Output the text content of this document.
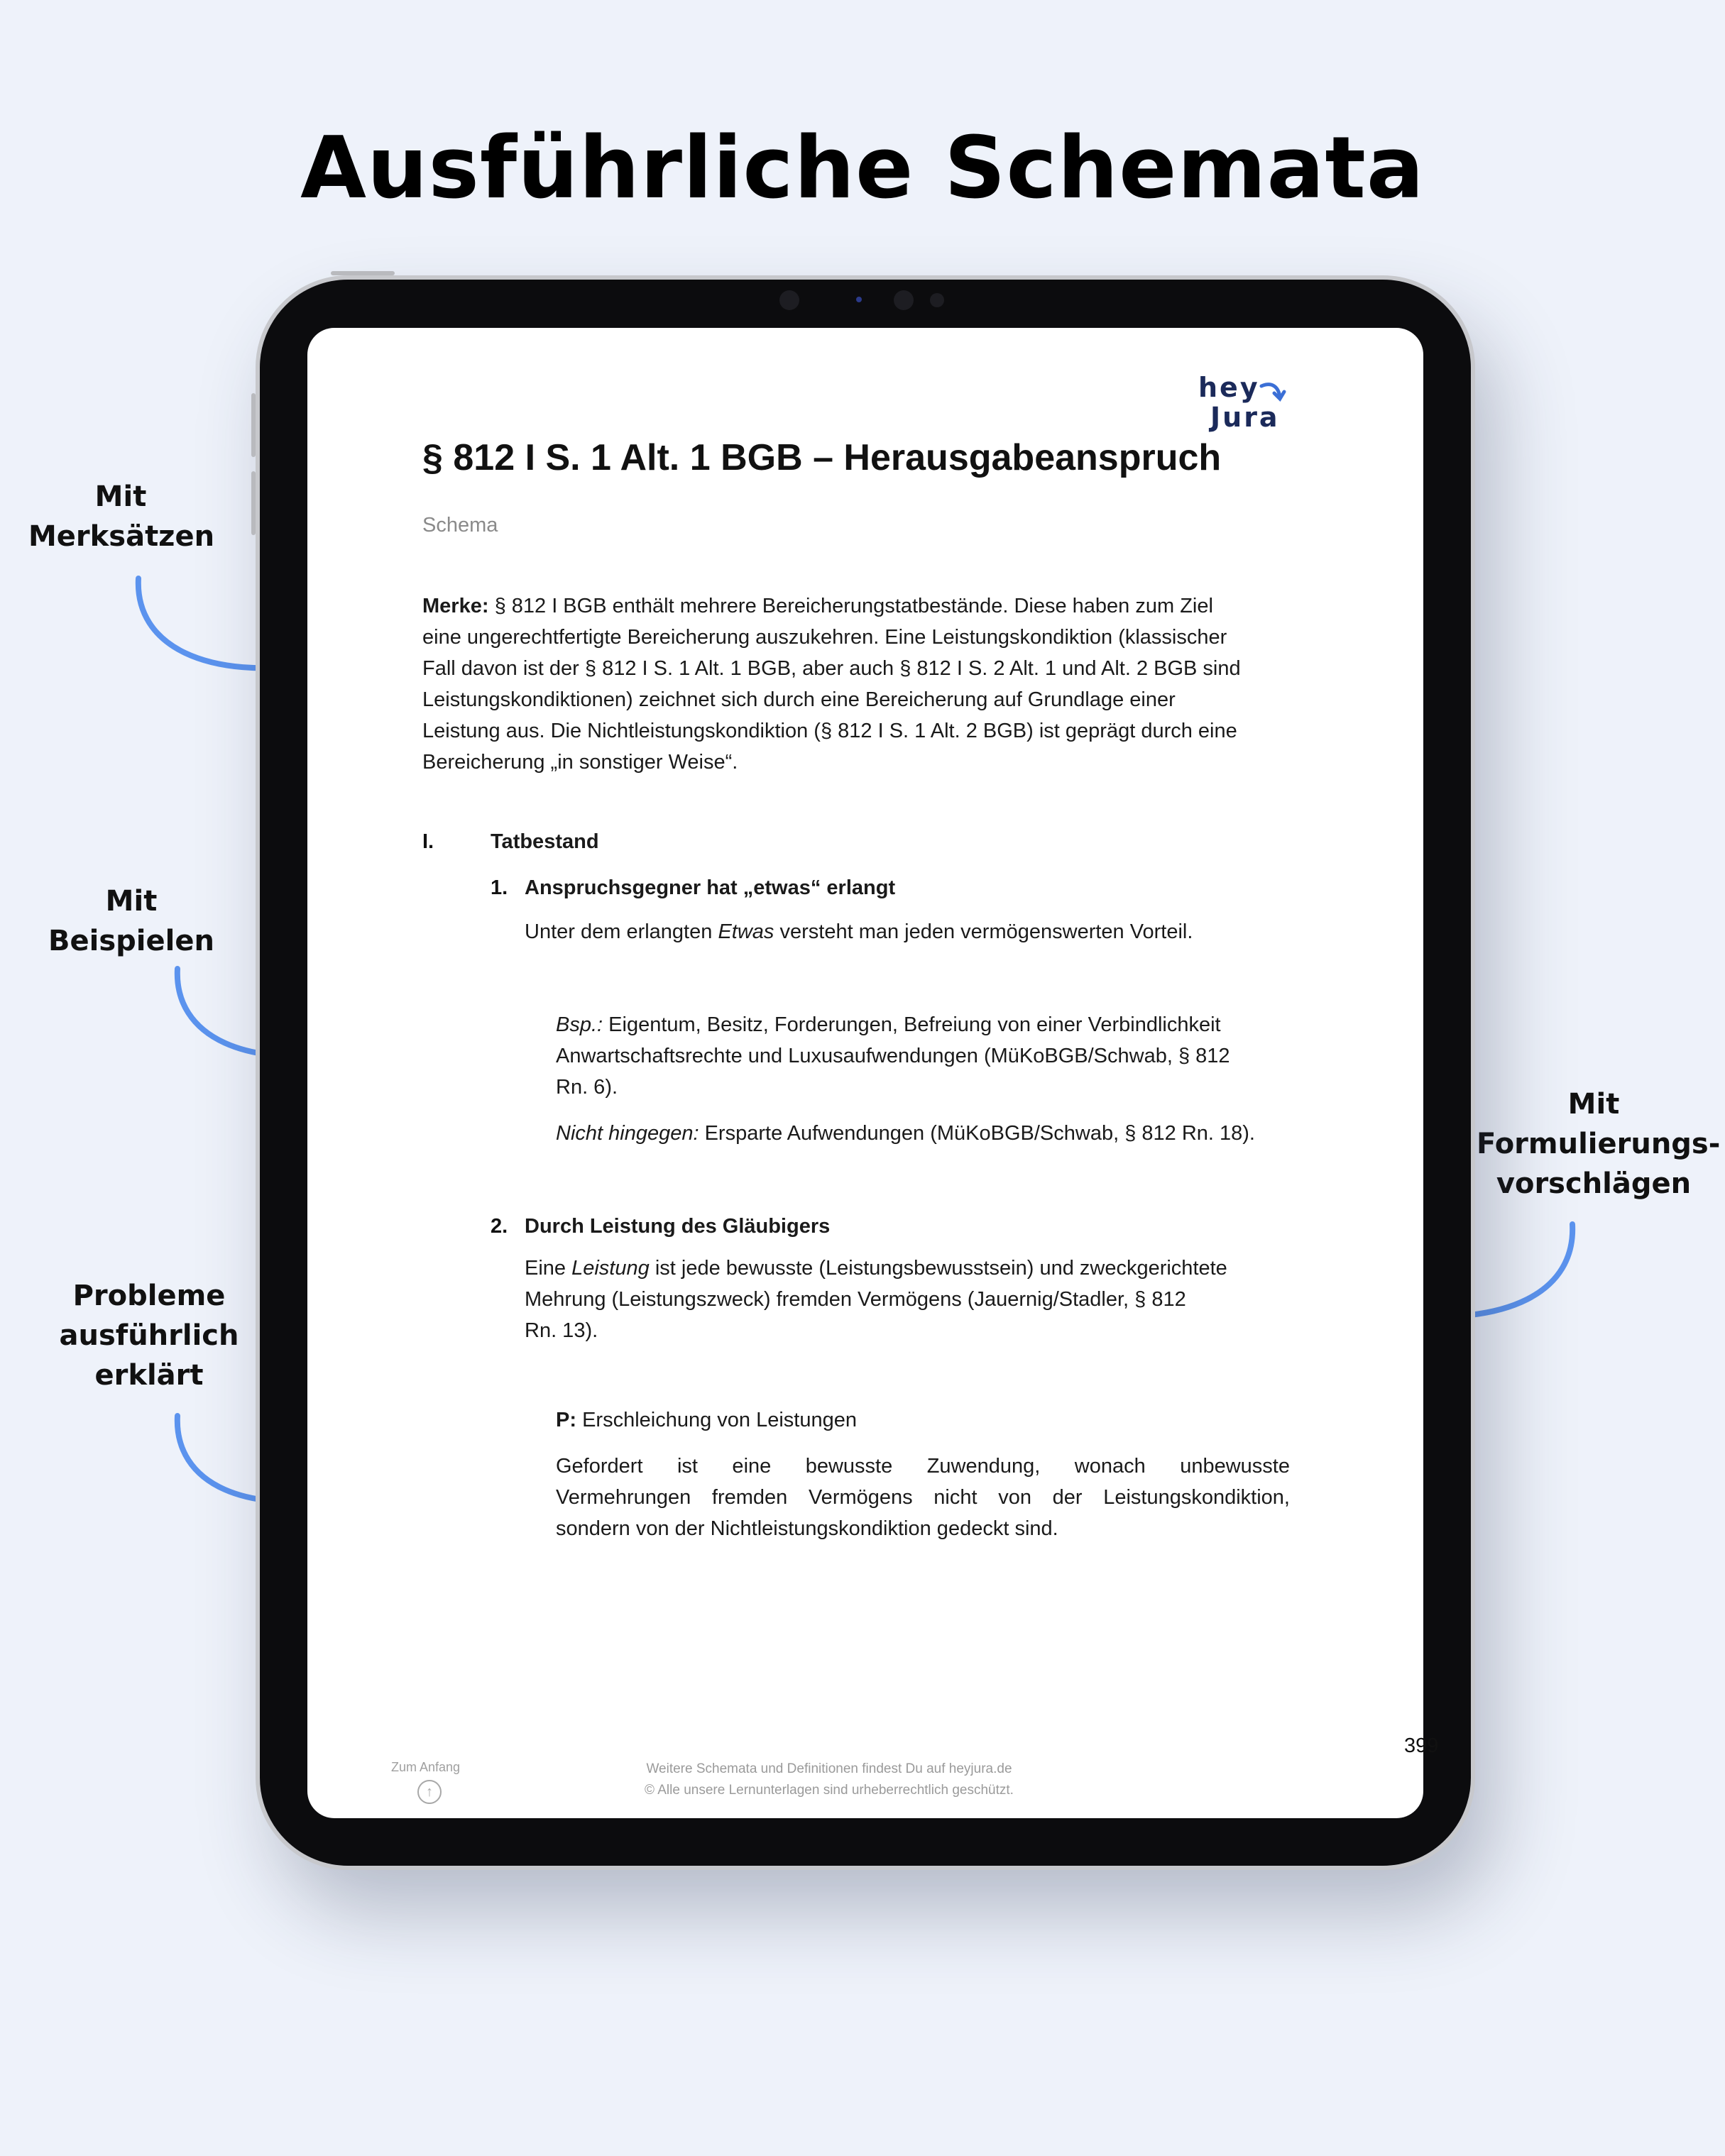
Ausführliche Schemata
Mit
Merksätzen
Mit
Beispielen
Probleme
ausführlich
erklärt
Mit
Formulierungs-
vorschlägen
hey
Jura
§ 812 I S. 1 Alt. 1 BGB – Herausgabeanspruch
Schema
Merke: § 812 I BGB enthält mehrere Bereicherungstatbestände. Diese haben zum Ziel
eine ungerechtfertigte Bereicherung auszukehren. Eine Leistungskondiktion (klassischer
Fall davon ist der § 812 I S. 1 Alt. 1 BGB, aber auch § 812 I S. 2 Alt. 1 und Alt. 2 BGB sind
Leistungskondiktionen) zeichnet sich durch eine Bereicherung auf Grundlage einer
Leistung aus. Die Nichtleistungskondiktion (§ 812 I S. 1 Alt. 2 BGB) ist geprägt durch eine
Bereicherung „in sonstiger Weise“.
I.	Tatbestand
1. Anspruchsgegner hat „etwas“ erlangt
Unter dem erlangten Etwas versteht man jeden vermögenswerten Vorteil.
Bsp.: Eigentum, Besitz, Forderungen, Befreiung von einer Verbindlichkeit
Anwartschaftsrechte und Luxusaufwendungen (MüKoBGB/Schwab, § 812
Rn. 6).
Nicht hingegen: Ersparte Aufwendungen (MüKoBGB/Schwab, § 812 Rn. 18).
2. Durch Leistung des Gläubigers
Eine Leistung ist jede bewusste (Leistungsbewusstsein) und zweckgerichtete
Mehrung (Leistungszweck) fremden Vermögens (Jauernig/Stadler, § 812
Rn. 13).
P: Erschleichung von Leistungen
Gefordert ist eine bewusste Zuwendung, wonach unbewusste
Vermehrungen fremden Vermögens nicht von der Leistungskondiktion,
sondern von der Nichtleistungskondiktion gedeckt sind.
399
Zum Anfang
↑
Weitere Schemata und Definitionen findest Du auf heyjura.de
© Alle unsere Lernunterlagen sind urheberrechtlich geschützt.
